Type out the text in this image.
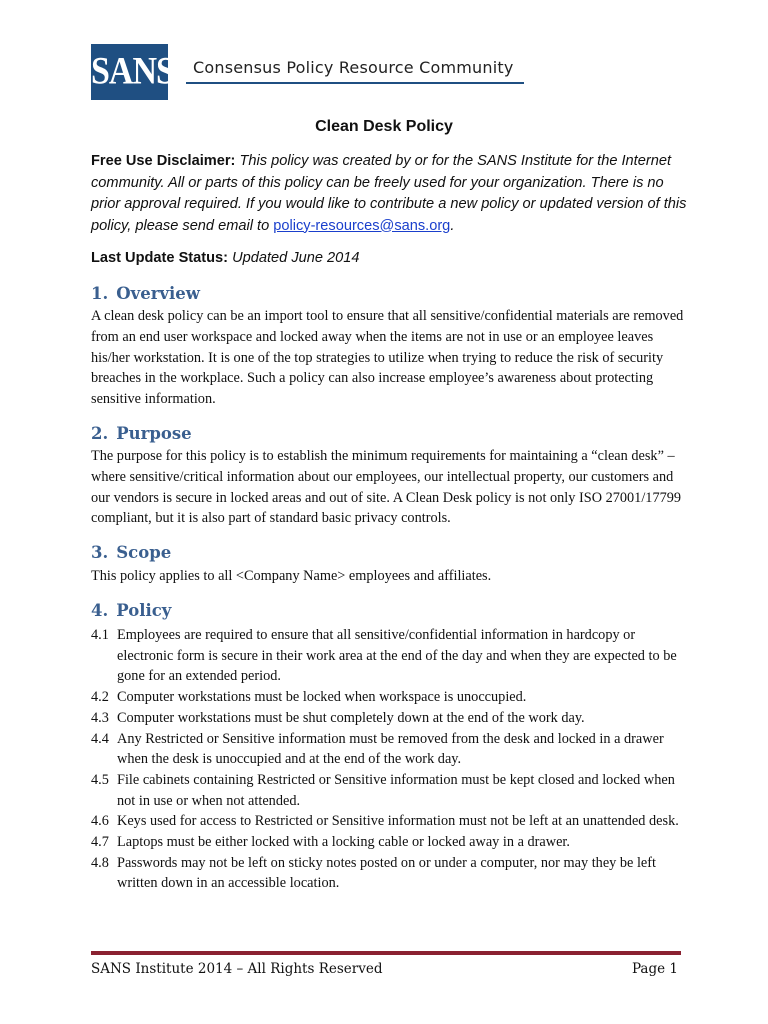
SANS Consensus Policy Resource Community
Clean Desk Policy
Free Use Disclaimer: This policy was created by or for the SANS Institute for the Internet community. All or parts of this policy can be freely used for your organization. There is no prior approval required. If you would like to contribute a new policy or updated version of this policy, please send email to policy-resources@sans.org.
Last Update Status: Updated June 2014
1. Overview
A clean desk policy can be an import tool to ensure that all sensitive/confidential materials are removed from an end user workspace and locked away when the items are not in use or an employee leaves his/her workstation. It is one of the top strategies to utilize when trying to reduce the risk of security breaches in the workplace. Such a policy can also increase employee’s awareness about protecting sensitive information.
2. Purpose
The purpose for this policy is to establish the minimum requirements for maintaining a “clean desk” – where sensitive/critical information about our employees, our intellectual property, our customers and our vendors is secure in locked areas and out of site. A Clean Desk policy is not only ISO 27001/17799 compliant, but it is also part of standard basic privacy controls.
3. Scope
This policy applies to all <Company Name> employees and affiliates.
4. Policy
4.1 Employees are required to ensure that all sensitive/confidential information in hardcopy or electronic form is secure in their work area at the end of the day and when they are expected to be gone for an extended period.
4.2 Computer workstations must be locked when workspace is unoccupied.
4.3 Computer workstations must be shut completely down at the end of the work day.
4.4 Any Restricted or Sensitive information must be removed from the desk and locked in a drawer when the desk is unoccupied and at the end of the work day.
4.5 File cabinets containing Restricted or Sensitive information must be kept closed and locked when not in use or when not attended.
4.6 Keys used for access to Restricted or Sensitive information must not be left at an unattended desk.
4.7 Laptops must be either locked with a locking cable or locked away in a drawer.
4.8 Passwords may not be left on sticky notes posted on or under a computer, nor may they be left written down in an accessible location.
SANS Institute 2014 – All Rights Reserved	Page 1
